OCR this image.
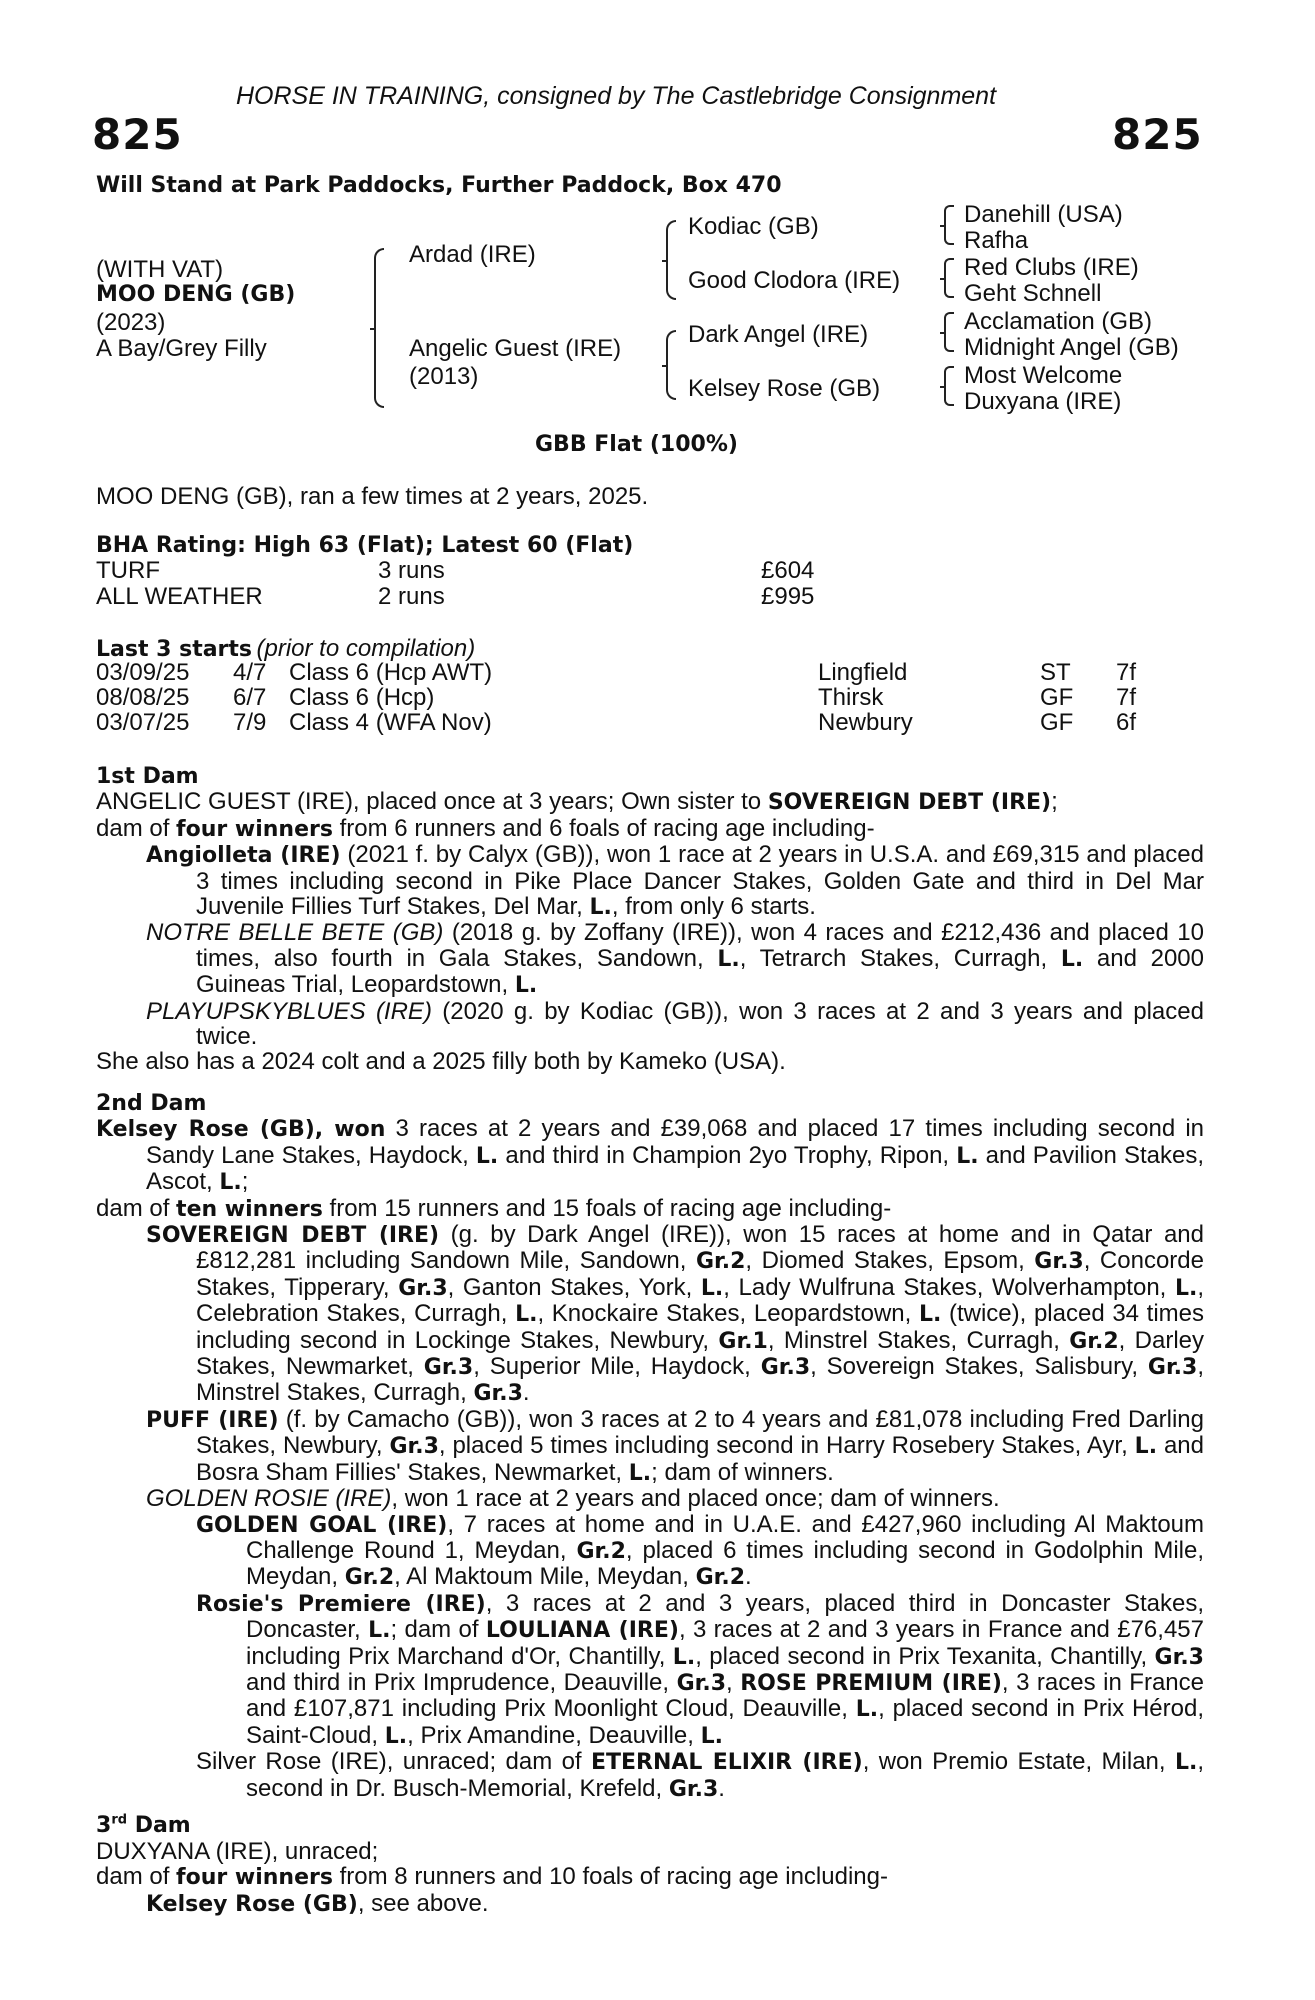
HORSE IN TRAINING, consigned by The Castlebridge Consignment
825	825
Will Stand at Park Paddocks, Further Paddock, Box 470
(WITH VAT)
MOO DENG (GB)
(2023)
A Bay/Grey Filly
Ardad (IRE)
Angelic Guest (IRE)
(2013)
Kodiac (GB)
Good Clodora (IRE)
Dark Angel (IRE)
Kelsey Rose (GB)
Danehill (USA)
Rafha
Red Clubs (IRE)
Geht Schnell
Acclamation (GB)
Midnight Angel (GB)
Most Welcome
Duxyana (IRE)
GBB Flat (100%)
MOO DENG (GB), ran a few times at 2 years, 2025.
BHA Rating: High 63 (Flat); Latest 60 (Flat)
TURF	3 runs	£604
ALL WEATHER	2 runs	£995
Last 3 starts (prior to compilation)
03/09/25 4/7 Class 6 (Hcp AWT)	Lingfield	ST 7f
08/08/25 6/7 Class 6 (Hcp)	Thirsk	GF 7f
03/07/25 7/9 Class 4 (WFA Nov)	Newbury	GF 6f

1st Dam

ANGELIC GUEST (IRE), placed once at 3 years; Own sister to SOVEREIGN DEBT (IRE);

dam of four winners from 6 runners and 6 foals of racing age including-

Angiolleta (IRE) (2021 f. by Calyx (GB)), won 1 race at 2 years in U.S.A. and £69,315 and placed 3 times including second in Pike Place Dancer Stakes, Golden Gate and third in Del Mar Juvenile Fillies Turf Stakes, Del Mar, L., from only 6 starts.

NOTRE BELLE BETE (GB) (2018 g. by Zoffany (IRE)), won 4 races and £212,436 and placed 10 times, also fourth in Gala Stakes, Sandown, L., Tetrarch Stakes, Curragh, L. and 2000 Guineas Trial, Leopardstown, L.

PLAYUPSKYBLUES (IRE) (2020 g. by Kodiac (GB)), won 3 races at 2 and 3 years and placed twice.

She also has a 2024 colt and a 2025 filly both by Kameko (USA).

2nd Dam

Kelsey Rose (GB), won 3 races at 2 years and £39,068 and placed 17 times including second in Sandy Lane Stakes, Haydock, L. and third in Champion 2yo Trophy, Ripon, L. and Pavilion Stakes, Ascot, L.;

dam of ten winners from 15 runners and 15 foals of racing age including-

SOVEREIGN DEBT (IRE) (g. by Dark Angel (IRE)), won 15 races at home and in Qatar and £812,281 including Sandown Mile, Sandown, Gr.2, Diomed Stakes, Epsom, Gr.3, Concorde Stakes, Tipperary, Gr.3, Ganton Stakes, York, L., Lady Wulfruna Stakes, Wolverhampton, L., Celebration Stakes, Curragh, L., Knockaire Stakes, Leopardstown, L. (twice), placed 34 times including second in Lockinge Stakes, Newbury, Gr.1, Minstrel Stakes, Curragh, Gr.2, Darley Stakes, Newmarket, Gr.3, Superior Mile, Haydock, Gr.3, Sovereign Stakes, Salisbury, Gr.3, Minstrel Stakes, Curragh, Gr.3.

PUFF (IRE) (f. by Camacho (GB)), won 3 races at 2 to 4 years and £81,078 including Fred Darling Stakes, Newbury, Gr.3, placed 5 times including second in Harry Rosebery Stakes, Ayr, L. and Bosra Sham Fillies' Stakes, Newmarket, L.; dam of winners.

GOLDEN ROSIE (IRE), won 1 race at 2 years and placed once; dam of winners.

GOLDEN GOAL (IRE), 7 races at home and in U.A.E. and £427,960 including Al Maktoum Challenge Round 1, Meydan, Gr.2, placed 6 times including second in Godolphin Mile, Meydan, Gr.2, Al Maktoum Mile, Meydan, Gr.2.

Rosie's Premiere (IRE), 3 races at 2 and 3 years, placed third in Doncaster Stakes, Doncaster, L.; dam of LOULIANA (IRE), 3 races at 2 and 3 years in France and £76,457 including Prix Marchand d'Or, Chantilly, L., placed second in Prix Texanita, Chantilly, Gr.3 and third in Prix Imprudence, Deauville, Gr.3, ROSE PREMIUM (IRE), 3 races in France and £107,871 including Prix Moonlight Cloud, Deauville, L., placed second in Prix Hérod, Saint-Cloud, L., Prix Amandine, Deauville, L.

Silver Rose (IRE), unraced; dam of ETERNAL ELIXIR (IRE), won Premio Estate, Milan, L., second in Dr. Busch-Memorial, Krefeld, Gr.3.

3rd Dam

DUXYANA (IRE), unraced;

dam of four winners from 8 runners and 10 foals of racing age including-

Kelsey Rose (GB), see above.
